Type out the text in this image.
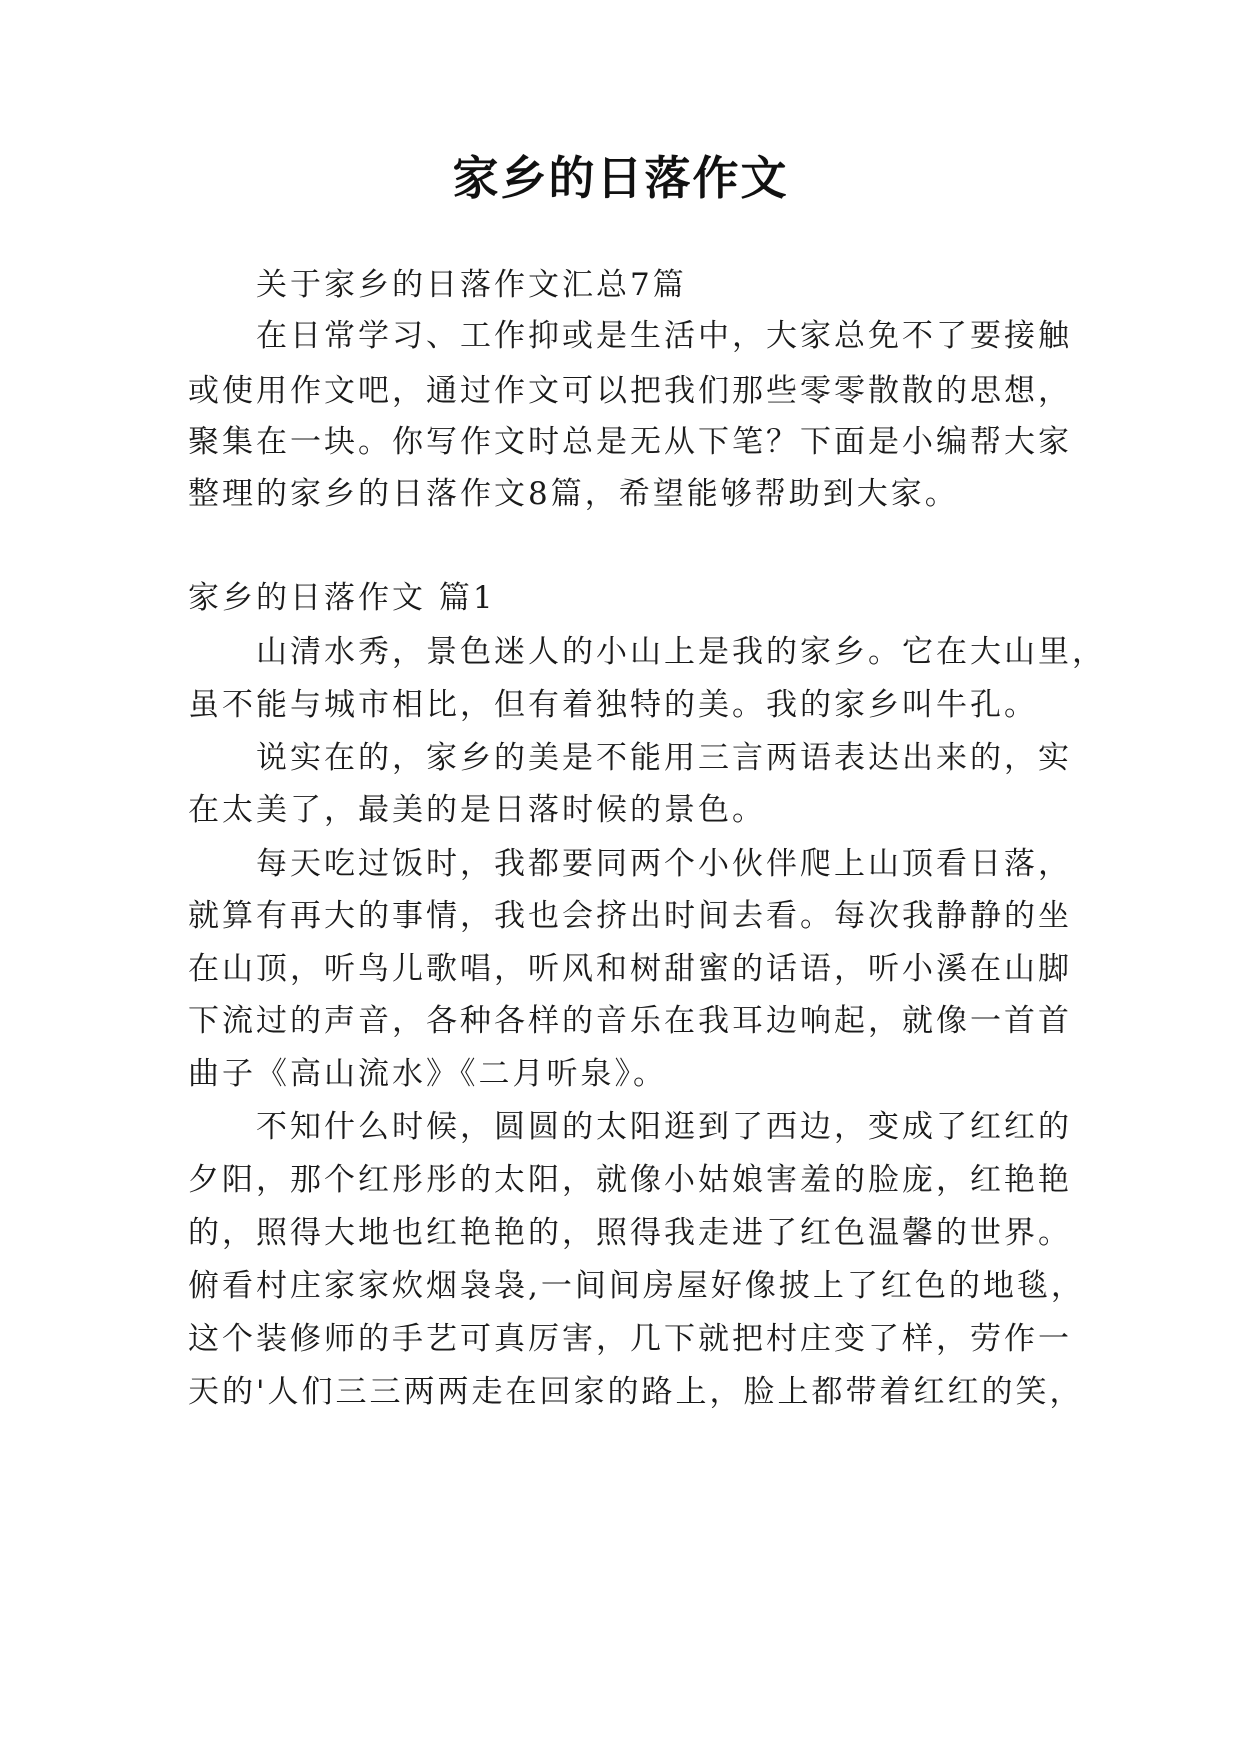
家乡的日落作文
关于家乡的日落作文汇总7篇
在日常学习、工作抑或是生活中，大家总免不了要接触
或使用作文吧，通过作文可以把我们那些零零散散的思想，
聚集在一块。你写作文时总是无从下笔？下面是小编帮大家
整理的家乡的日落作文8篇，希望能够帮助到大家。
家乡的日落作文 篇1
山清水秀，景色迷人的小山上是我的家乡。它在大山里，
虽不能与城市相比，但有着独特的美。我的家乡叫牛孔。
说实在的，家乡的美是不能用三言两语表达出来的，实
在太美了，最美的是日落时候的景色。
每天吃过饭时，我都要同两个小伙伴爬上山顶看日落，
就算有再大的事情，我也会挤出时间去看。每次我静静的坐
在山顶，听鸟儿歌唱，听风和树甜蜜的话语，听小溪在山脚
下流过的声音，各种各样的音乐在我耳边响起，就像一首首
曲子《高山流水》《二月听泉》。
不知什么时候，圆圆的太阳逛到了西边，变成了红红的
夕阳，那个红彤彤的太阳，就像小姑娘害羞的脸庞，红艳艳
的，照得大地也红艳艳的，照得我走进了红色温馨的世界。
俯看村庄家家炊烟袅袅,一间间房屋好像披上了红色的地毯，
这个装修师的手艺可真厉害，几下就把村庄变了样，劳作一
天的'人们三三两两走在回家的路上，脸上都带着红红的笑，
